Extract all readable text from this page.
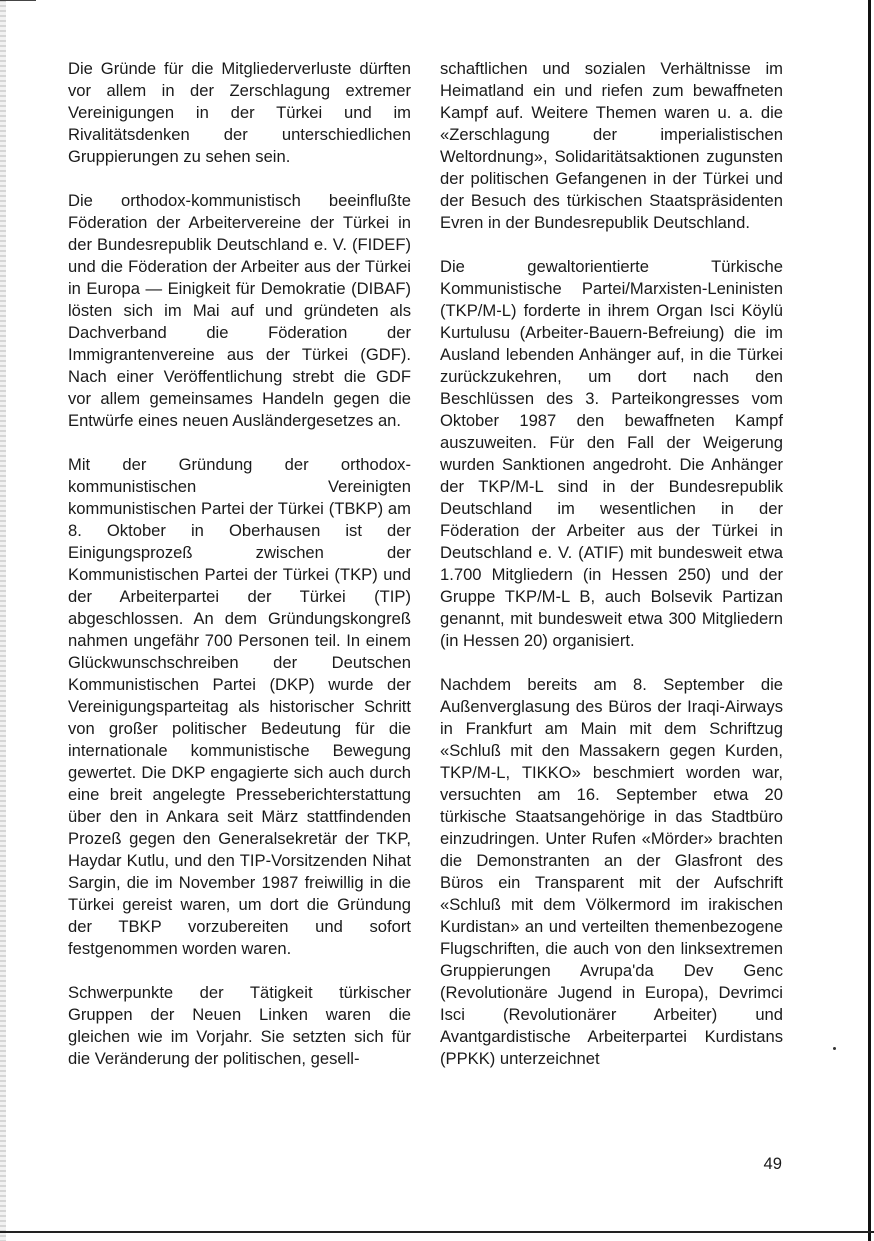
Die Gründe für die Mitgliederverluste dürften vor allem in der Zerschlagung extremer Vereinigungen in der Türkei und im Rivalitätsdenken der unterschiedlichen Gruppierungen zu sehen sein.

Die orthodox-kommunistisch beeinflußte Föderation der Arbeitervereine der Türkei in der Bundesrepublik Deutschland e. V. (FIDEF) und die Föderation der Arbeiter aus der Türkei in Europa — Einigkeit für Demokratie (DIBAF) lösten sich im Mai auf und gründeten als Dachverband die Föderation der Immigrantenvereine aus der Türkei (GDF). Nach einer Veröffentlichung strebt die GDF vor allem gemeinsames Handeln gegen die Entwürfe eines neuen Ausländergesetzes an.

Mit der Gründung der orthodox-kommunistischen Vereinigten kommunistischen Partei der Türkei (TBKP) am 8. Oktober in Oberhausen ist der Einigungsprozeß zwischen der Kommunistischen Partei der Türkei (TKP) und der Arbeiterpartei der Türkei (TIP) abgeschlossen. An dem Gründungskongreß nahmen ungefähr 700 Personen teil. In einem Glückwunschschreiben der Deutschen Kommunistischen Partei (DKP) wurde der Vereinigungsparteitag als historischer Schritt von großer politischer Bedeutung für die internationale kommunistische Bewegung gewertet. Die DKP engagierte sich auch durch eine breit angelegte Presseberichterstattung über den in Ankara seit März stattfindenden Prozeß gegen den Generalsekretär der TKP, Haydar Kutlu, und den TIP-Vorsitzenden Nihat Sargin, die im November 1987 freiwillig in die Türkei gereist waren, um dort die Gründung der TBKP vorzubereiten und sofort festgenommen worden waren.

Schwerpunkte der Tätigkeit türkischer Gruppen der Neuen Linken waren die gleichen wie im Vorjahr. Sie setzten sich für die Veränderung der politischen, gesell-

schaftlichen und sozialen Verhältnisse im Heimatland ein und riefen zum bewaffneten Kampf auf. Weitere Themen waren u. a. die «Zerschlagung der imperialistischen Weltordnung», Solidaritätsaktionen zugunsten der politischen Gefangenen in der Türkei und der Besuch des türkischen Staatspräsidenten Evren in der Bundesrepublik Deutschland.

Die gewaltorientierte Türkische Kommunistische Partei/Marxisten-Leninisten (TKP/M-L) forderte in ihrem Organ Isci Köylü Kurtulusu (Arbeiter-Bauern-Befreiung) die im Ausland lebenden Anhänger auf, in die Türkei zurückzukehren, um dort nach den Beschlüssen des 3. Parteikongresses vom Oktober 1987 den bewaffneten Kampf auszuweiten. Für den Fall der Weigerung wurden Sanktionen angedroht. Die Anhänger der TKP/M-L sind in der Bundesrepublik Deutschland im wesentlichen in der Föderation der Arbeiter aus der Türkei in Deutschland e. V. (ATIF) mit bundesweit etwa 1.700 Mitgliedern (in Hessen 250) und der Gruppe TKP/M-L B, auch Bolsevik Partizan genannt, mit bundesweit etwa 300 Mitgliedern (in Hessen 20) organisiert.

Nachdem bereits am 8. September die Außenverglasung des Büros der Iraqi-Airways in Frankfurt am Main mit dem Schriftzug «Schluß mit den Massakern gegen Kurden, TKP/M-L, TIKKO» beschmiert worden war, versuchten am 16. September etwa 20 türkische Staatsangehörige in das Stadtbüro einzudringen. Unter Rufen «Mörder» brachten die Demonstranten an der Glasfront des Büros ein Transparent mit der Aufschrift «Schluß mit dem Völkermord im irakischen Kurdistan» an und verteilten themenbezogene Flugschriften, die auch von den linksextremen Gruppierungen Avrupa'da Dev Genc (Revolutionäre Jugend in Europa), Devrimci Isci (Revolutionärer Arbeiter) und Avantgardistische Arbeiterpartei Kurdistans (PPKK) unterzeichnet

49
